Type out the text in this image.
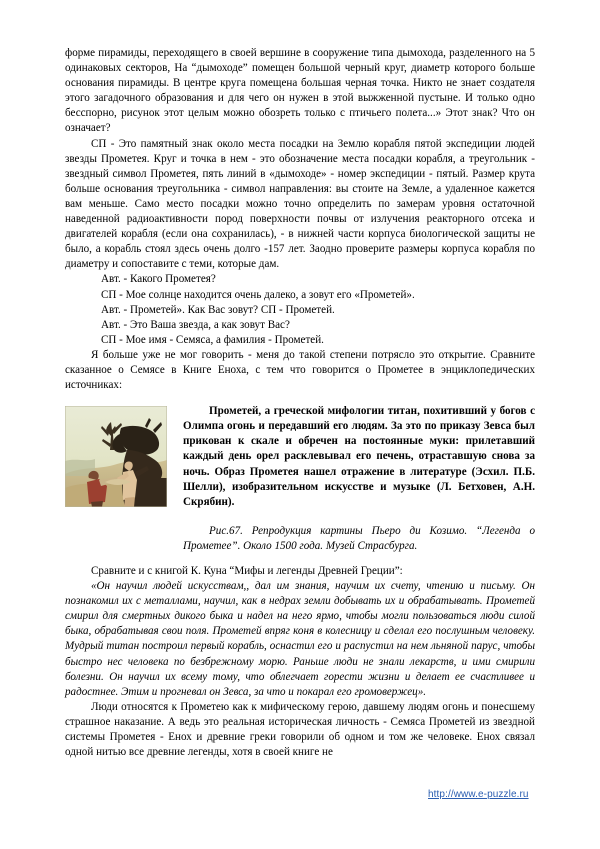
форме пирамиды, переходящего в своей вершине в сооружение типа дымохода, разделенного на 5 одинаковых секторов, На “дымоходе” помещен большой черный круг, диаметр которого больше основания пирамиды. В центре круга помещена большая черная точка. Никто не знает создателя этого загадочного образования и для чего он нужен в этой выжженной пустыне. И только одно бесспорно, рисунок этот целым можно обозреть только с птичьего полета...» Этот знак? Что он означает?

СП - Это памятный знак около места посадки на Землю корабля пятой экспедиции людей звезды Прометея. Круг и точка в нем - это обозначение места посадки корабля, а треугольник - звездный символ Прометея, пять линий в «дымоходе» - номер экспедиции - пятый. Размер крута больше основания треугольника - символ направления: вы стоите на Земле, а удаленное кажется вам меньше. Само место посадки можно точно определить по замерам уровня остаточной наведенной радиоактивности пород поверхности почвы от излучения реакторного отсека и двигателей корабля (если она сохранилась), - в нижней части корпуса биологической защиты не было, а корабль стоял здесь очень долго -157 лет. Заодно проверите размеры корпуса корабля по диаметру и сопоставите с теми, которые дам.

Авт. - Какого Прометея?
СП - Мое солнце находится очень далеко, а зовут его «Прометей».
Авт. - Прометей». Как Вас зовут? СП - Прометей.
Авт. - Это Ваша звезда, а как зовут Вас?
СП - Мое имя - Семяса, а фамилия - Прометей.

Я больше уже не мог говорить - меня до такой степени потрясло это открытие. Сравните сказанное о Семясе в Книге Еноха, с тем что говорится о Прометее в энциклопедических источниках:

Прометей, а греческой мифологии титан, похитивший у богов с Олимпа огонь и передавший его людям. За это по приказу Зевса был прикован к скале и обречен на постоянные муки: прилетавший каждый день орел расклевывал его печень, отраставшую снова за ночь. Образ Прометея нашел отражение в литературе (Эсхил. П.Б. Шелли), изобразительном искусстве и музыке (Л. Бетховен, А.Н. Скрябин).
Рис.67. Репродукция картины Пьеро ди Козимо. “Легенда о Прометее”. Около 1500 года. Музей Страсбурга.

Сравните и с книгой К. Куна “Мифы и легенды Древней Греции”:

«Он научил людей искусствам,, дал им знания, научим их счету, чтению и письму. Он познакомил их с металлами, научил, как в недрах земли добывать их и обрабатывать. Прометей смирил для смертных дикого быка и надел на него ярмо, чтобы могли пользоваться люди силой быка, обрабатывая свои поля. Прометей впряг коня в колесницу и сделал его послушным человеку. Мудрый титан построил первый корабль, оснастил его и распустил на нем льняной парус, чтобы быстро нес человека по безбрежному морю. Раньше люди не знали лекарств, и ими смирили болезни. Он научил их всему тому, что облегчает горести жизни и делает ее счастливее и радостнее. Этим и прогневал он Зевса, за что и покарал его громовержец».

Люди относятся к Прометею как к мифическому герою, давшему людям огонь и понесшему страшное наказание. А ведь это реальная историческая личность - Семяса Прометей из звездной системы Прометея - Енох и древние греки говорили об одном и том же человеке. Енох связал одной нитью все древние легенды, хотя в своей книге не

http://www.e-puzzle.ru
